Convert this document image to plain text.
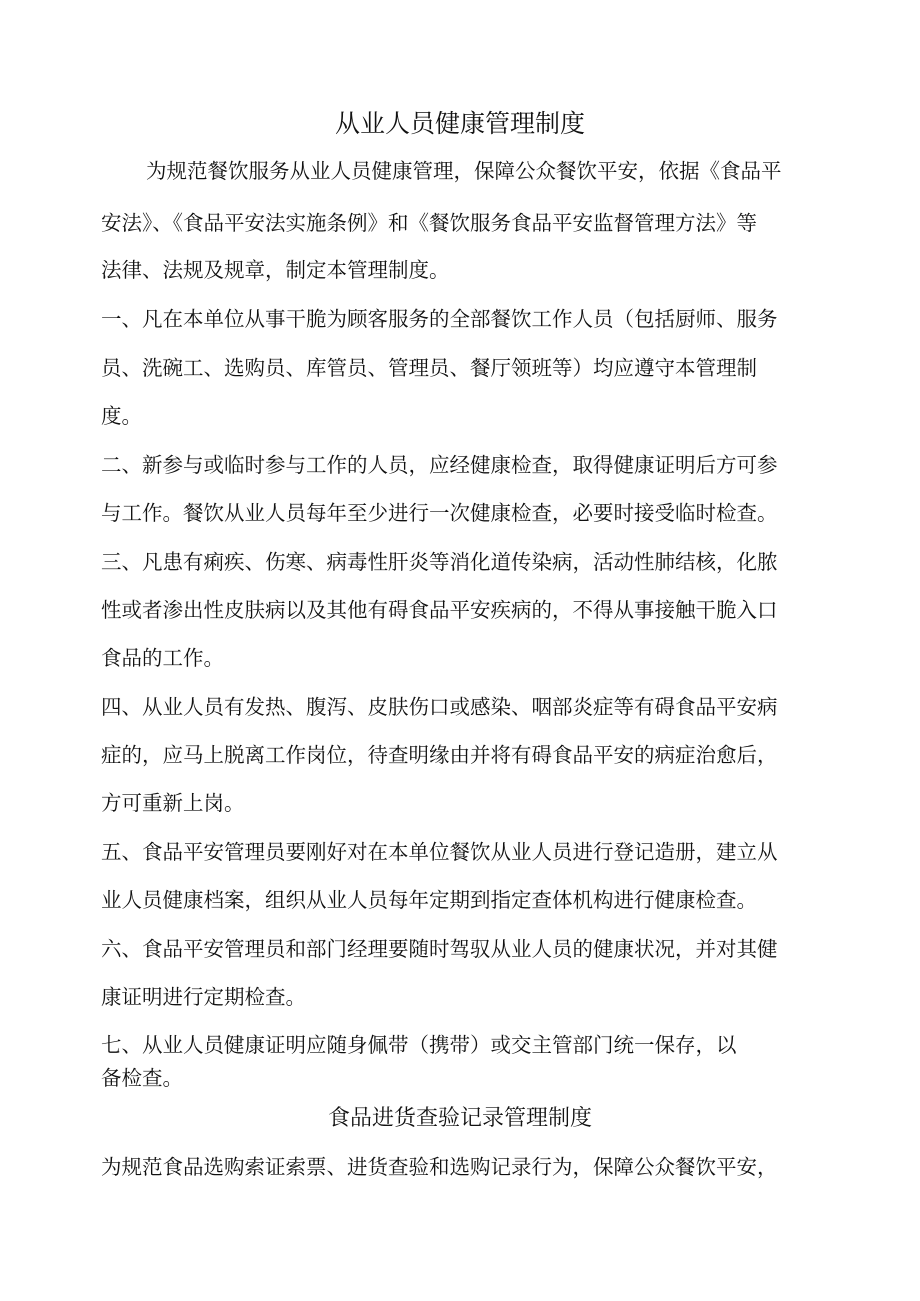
从业人员健康管理制度

为规范餐饮服务从业人员健康管理，保障公众餐饮平安，依据《食品平

安法》、《食品平安法实施条例》和《餐饮服务食品平安监督管理方法》等

法律、法规及规章，制定本管理制度。

一、凡在本单位从事干脆为顾客服务的全部餐饮工作人员（包括厨师、服务

员、洗碗工、选购员、库管员、管理员、餐厅领班等）均应遵守本管理制

度。

二、新参与或临时参与工作的人员，应经健康检查，取得健康证明后方可参

与工作。餐饮从业人员每年至少进行一次健康检查，必要时接受临时检查。

三、凡患有痢疾、伤寒、病毒性肝炎等消化道传染病，活动性肺结核，化脓

性或者渗出性皮肤病以及其他有碍食品平安疾病的，不得从事接触干脆入口

食品的工作。

四、从业人员有发热、腹泻、皮肤伤口或感染、咽部炎症等有碍食品平安病

症的，应马上脱离工作岗位，待查明缘由并将有碍食品平安的病症治愈后，

方可重新上岗。

五、食品平安管理员要刚好对在本单位餐饮从业人员进行登记造册，建立从

业人员健康档案，组织从业人员每年定期到指定查体机构进行健康检查。

六、食品平安管理员和部门经理要随时驾驭从业人员的健康状况，并对其健

康证明进行定期检查。

七、从业人员健康证明应随身佩带（携带）或交主管部门统一保存，以

备检查。

食品进货查验记录管理制度

为规范食品选购索证索票、进货查验和选购记录行为，保障公众餐饮平安，
